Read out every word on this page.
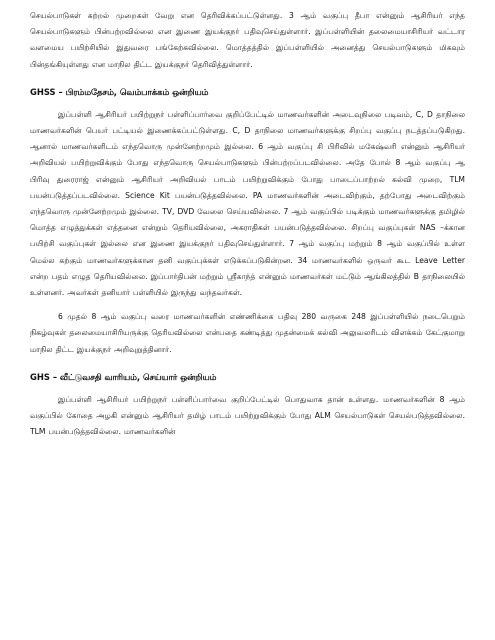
செயல்பாடுகள் கற்றல் முறைகள் வேறு என தெரிவிக்கப்பட்டுள்ளது. 3 ஆம் வகுப்பு தீபா என்னும் ஆசிரியர் எந்த செயல்பாடுகளும் பின்பற்றவில்லை என இணை இயக்குநர் பதிவுசெய்துள்ளார். இப்பள்ளியின் தலைமையாசிரியர் வட்டார வளமைய பயிற்சியில் இதுவரை பங்கேற்கவில்லை. மொத்தத்தில் இப்பள்ளியில் அனைத்து செயல்பாடுகளும் மிகவும் பின்தங்கியுள்ளது என மாநில திட்ட இயக்குநர் தெரிவித்துள்ளார்.

GHSS – பிரம்மதேசம், வெம்பாக்கம் ஒன்றியம்

இப்பள்ளி ஆசிரியர் பயிற்றுநர் பள்ளிப்பார்வை குறிப்பேட்டில் மாணவர்களின் அடைவுநிலை படிவம், C, D தாநிலை மாணவர்களின் பெயர் பட்டியல் இணைக்கப்பட்டுள்ளது. C, D தாநிலை மாணவர்களுக்கு சிறப்பு வகுப்பு நடத்தப்படுகிறது. ஆனால் மாணவர்களிடம் எந்தவொரு முன்னேற்றமும் இல்லை. 6 ஆம் வகுப்பு சி பிரிவில் மகேஷ்வரி என்னும் ஆசிரியர் அறிவியல் பயிற்றுவிக்கும் போது எந்தவொரு செயல்பாடுகளும் பின்பற்றப்படவில்லை. அதே போல் 8 ஆம் வகுப்பு ஆ பிரிவு துரைராஜ் என்னும் ஆசிரியர் அறிவியல் பாடம் பயிற்றுவிக்கும் போது பாடைப்பாற்றல் கல்வி முறை, TLM பயன்படுத்தப்படவில்லை. Science Kit பயன்படுத்தவில்லை. PA மாணவர்களின் அடைவிற்கும், தற்போது அடைவிற்கும் எந்தவொரு முன்னேற்றமும் இல்லை. TV, DVD வேலை செய்யவில்லை. 7 ஆம் வகுப்பில் படிக்கும் மாணவர்களுக்கு தமிழில் மொத்த எழுத்துக்கள் எத்தனை என்றும் தெரியவில்லை, அகராதிகள் பயன்படுத்தவில்லை. சிறப்பு வகுப்புகள் NAS –க்கான பயிற்சி வகுப்புகள் இல்லை என இணை இயக்குநர் பதிவுசெய்துள்ளார். 7 ஆம் வகுப்பு மற்றும் 8 ஆம் வகுப்பில் உள்ள மெல்ல கற்கும் மாணவர்களுக்கான தனி வகுப்புக்கள் எடுக்கப்படுகின்றன. 34 மாணவர்களில் ஒருவர் கூட Leave Letter என்ற பதம் எழுத தெரியவில்லை. இப்பார்திபன் மற்றும் ஸ்ரீகாந்த் என்னும் மாணவர்கள் மட்டும் ஆங்கிலத்தில் B தாநிலையில் உள்ளனர். அவர்கள் தனியார் பள்ளியில் இருந்து வந்தவர்கள்.

6 முதல் 8 ஆம் வகுப்பு வரை மாணவர்களின் எண்ணிக்கை பதிவு 280 வருகை 248 இப்பள்ளியில் நடைபெறும் நிகழ்வுகள் தலைமையாசிரியருக்கு தெரியவில்லை என்பதை கண்டித்து முதன்மைக் கல்வி அலுவலரிடம் விளக்கம் கேட்குமாறு மாநில திட்ட இயக்குநர் அறிவுறுத்தினார்.

GHS – வீட்டுவசதி வாரியம், செய்யார் ஒன்றியம்

இப்பள்ளி ஆசிரியர் பயிற்றுநர் பள்ளிப்பார்வை குறிப்பேட்டில் பொதுவாக தான் உள்ளது. மாணவர்களின் 8 ஆம் வகுப்பில் கோதை அழகி என்னும் ஆசிரியர் தமிழ் பாடம் பயிற்றுவிக்கும் போது ALM செயல்பாடுகள் செயல்படுத்தவில்லை. TLM பயன்படுத்தவில்லை. மாணவர்களின்
